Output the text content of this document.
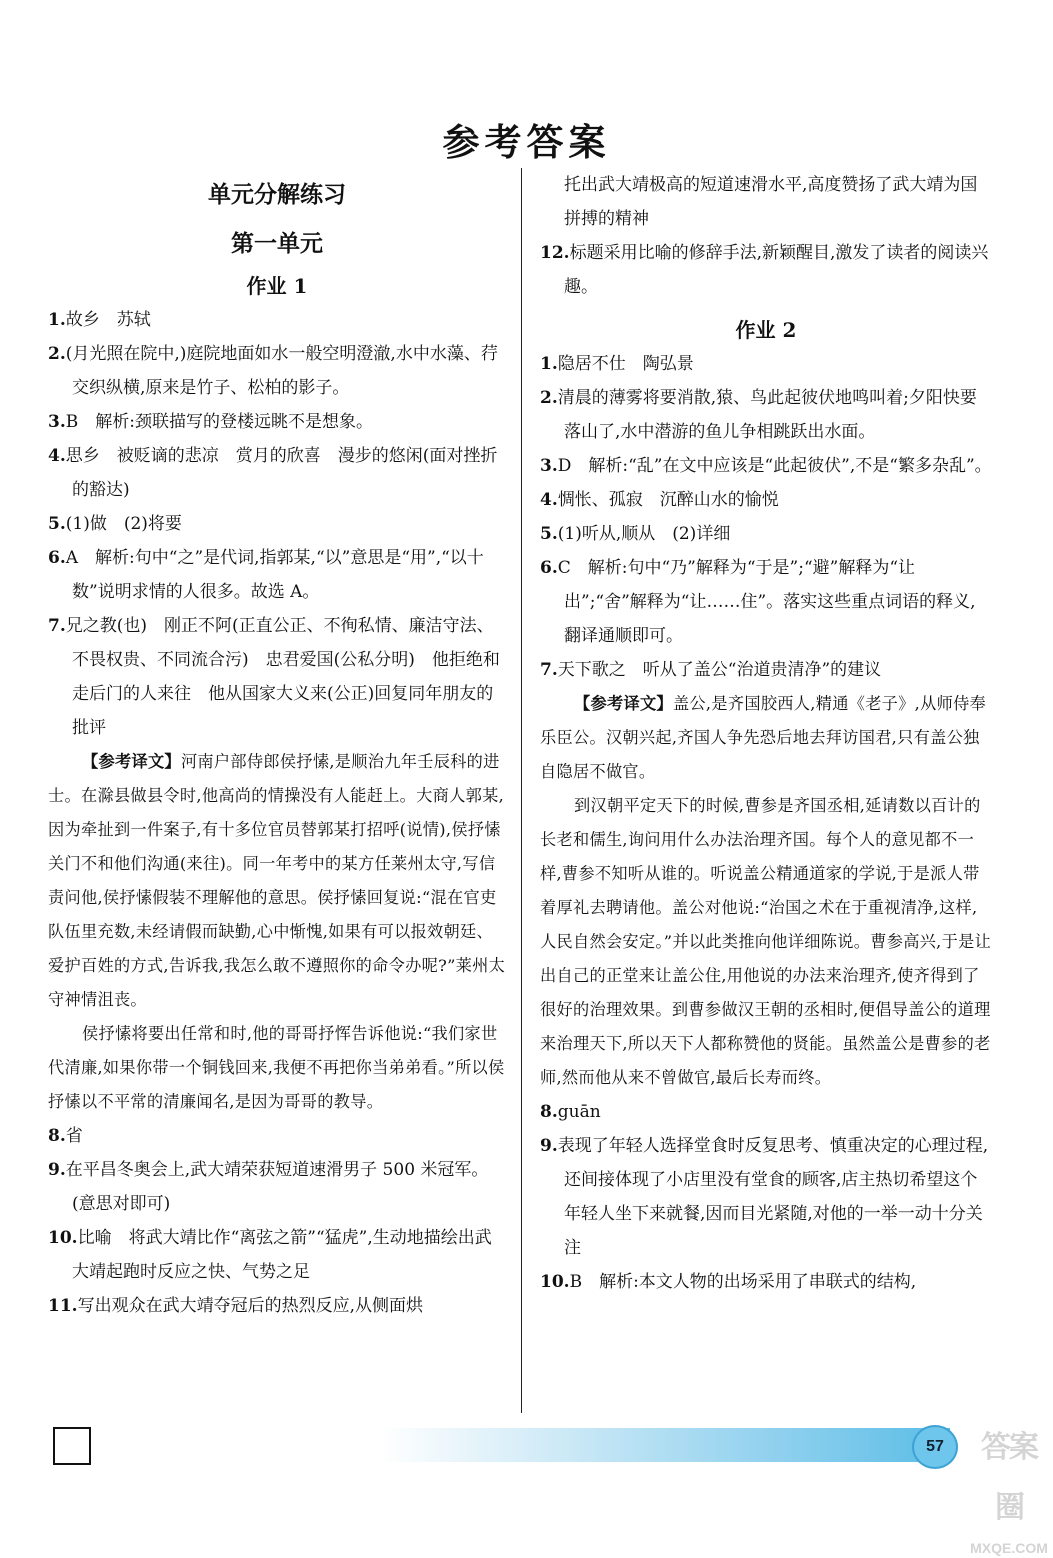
参考答案
单元分解练习
第一单元
作业 1
1.故乡　苏轼
2.(月光照在院中,)庭院地面如水一般空明澄澈,水中水藻、荇交织纵横,原来是竹子、松柏的影子。
3.B　解析:颈联描写的登楼远眺不是想象。
4.思乡　被贬谪的悲凉　赏月的欣喜　漫步的悠闲(面对挫折的豁达)
5.(1)做　(2)将要
6.A　解析:句中“之”是代词,指郭某,“以”意思是“用”,“以十数”说明求情的人很多。故选 A。
7.兄之教(也)　刚正不阿(正直公正、不徇私情、廉洁守法、不畏权贵、不同流合污)　忠君爱国(公私分明)　他拒绝和走后门的人来往　他从国家大义来(公正)回复同年朋友的批评
【参考译文】河南户部侍郎侯抒愫,是顺治九年壬辰科的进士。在滁县做县令时,他高尚的情操没有人能赶上。大商人郭某,因为牵扯到一件案子,有十多位官员替郭某打招呼(说情),侯抒愫关门不和他们沟通(来往)。同一年考中的某方任莱州太守,写信责问他,侯抒愫假装不理解他的意思。侯抒愫回复说:“混在官吏队伍里充数,未经请假而缺勤,心中惭愧,如果有可以报效朝廷、爱护百姓的方式,告诉我,我怎么敢不遵照你的命令办呢?”莱州太守神情沮丧。
侯抒愫将要出任常和时,他的哥哥抒恽告诉他说:“我们家世代清廉,如果你带一个铜钱回来,我便不再把你当弟弟看。”所以侯抒愫以不平常的清廉闻名,是因为哥哥的教导。
8.省
9.在平昌冬奥会上,武大靖荣获短道速滑男子 500 米冠军。(意思对即可)
10.比喻　将武大靖比作“离弦之箭”“猛虎”,生动地描绘出武大靖起跑时反应之快、气势之足
11.写出观众在武大靖夺冠后的热烈反应,从侧面烘
托出武大靖极高的短道速滑水平,高度赞扬了武大靖为国拼搏的精神
12.标题采用比喻的修辞手法,新颖醒目,激发了读者的阅读兴趣。
作业 2
1.隐居不仕　陶弘景
2.清晨的薄雾将要消散,猿、鸟此起彼伏地鸣叫着;夕阳快要落山了,水中潜游的鱼儿争相跳跃出水面。
3.D　解析:“乱”在文中应该是“此起彼伏”,不是“繁多杂乱”。
4.惆怅、孤寂　沉醉山水的愉悦
5.(1)听从,顺从　(2)详细
6.C　解析:句中“乃”解释为“于是”;“避”解释为“让出”;“舍”解释为“让……住”。落实这些重点词语的释义,翻译通顺即可。
7.天下歌之　听从了盖公“治道贵清净”的建议
【参考译文】盖公,是齐国胶西人,精通《老子》,从师侍奉乐臣公。汉朝兴起,齐国人争先恐后地去拜访国君,只有盖公独自隐居不做官。
到汉朝平定天下的时候,曹参是齐国丞相,延请数以百计的长老和儒生,询问用什么办法治理齐国。每个人的意见都不一样,曹参不知听从谁的。听说盖公精通道家的学说,于是派人带着厚礼去聘请他。盖公对他说:“治国之术在于重视清净,这样,人民自然会安定。”并以此类推向他详细陈说。曹参高兴,于是让出自己的正堂来让盖公住,用他说的办法来治理齐,使齐得到了很好的治理效果。到曹参做汉王朝的丞相时,便倡导盖公的道理来治理天下,所以天下人都称赞他的贤能。虽然盖公是曹参的老师,然而他从来不曾做官,最后长寿而终。
8.guān
9.表现了年轻人选择堂食时反复思考、慎重决定的心理过程,还间接体现了小店里没有堂食的顾客,店主热切希望这个年轻人坐下来就餐,因而目光紧随,对他的一举一动十分关注
10.B　解析:本文人物的出场采用了串联式的结构,
57	答案圈
MXQE.COM
